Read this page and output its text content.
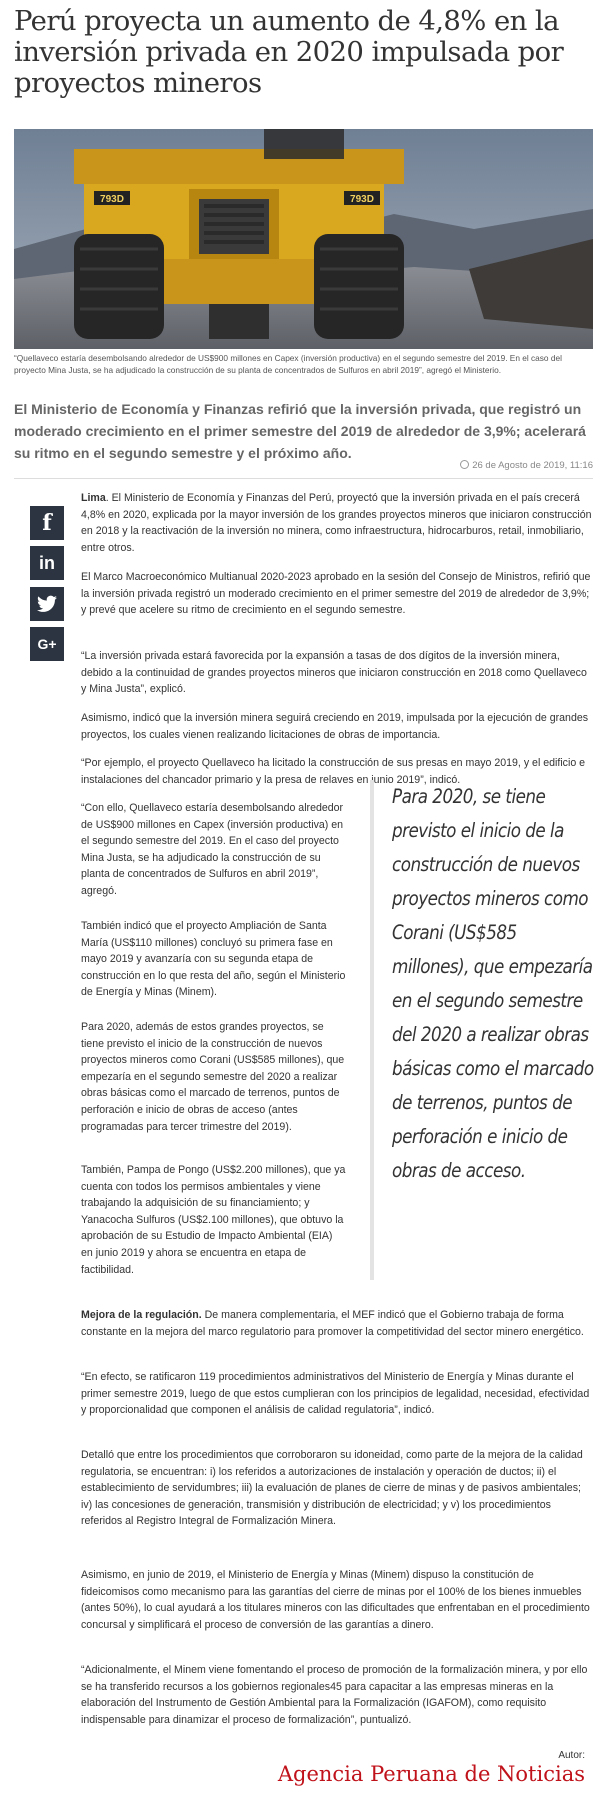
Perú proyecta un aumento de 4,8% en la inversión privada en 2020 impulsada por proyectos mineros
793D	793D

“Quellaveco estaría desembolsando alrededor de US$900 millones en Capex (inversión productiva) en el segundo semestre del 2019. En el caso del proyecto Mina Justa, se ha adjudicado la construcción de su planta de concentrados de Sulfuros en abril 2019”, agregó el Ministerio.

El Ministerio de Economía y Finanzas refirió que la inversión privada, que registró un moderado crecimiento en el primer semestre del 2019 de alrededor de 3,9%; acelerará su ritmo en el segundo semestre y el próximo año.

26 de Agosto de 2019, 11:16
f
in
G+

Lima. El Ministerio de Economía y Finanzas del Perú, proyectó que la inversión privada en el país crecerá 4,8% en 2020, explicada por la mayor inversión de los grandes proyectos mineros que iniciaron construcción en 2018 y la reactivación de la inversión no minera, como infraestructura, hidrocarburos, retail, inmobiliario, entre otros.

El Marco Macroeconómico Multianual 2020-2023 aprobado en la sesión del Consejo de Ministros, refirió que la inversión privada registró un moderado crecimiento en el primer semestre del 2019 de alrededor de 3,9%; y prevé que acelere su ritmo de crecimiento en el segundo semestre.

“La inversión privada estará favorecida por la expansión a tasas de dos dígitos de la inversión minera, debido a la continuidad de grandes proyectos mineros que iniciaron construcción en 2018 como Quellaveco y Mina Justa”, explicó.

Asimismo, indicó que la inversión minera seguirá creciendo en 2019, impulsada por la ejecución de grandes proyectos, los cuales vienen realizando licitaciones de obras de importancia.

“Por ejemplo, el proyecto Quellaveco ha licitado la construcción de sus presas en mayo 2019, y el edificio e instalaciones del chancador primario y la presa de relaves en junio 2019”, indicó.

“Con ello, Quellaveco estaría desembolsando alrededor de US$900 millones en Capex (inversión productiva) en el segundo semestre del 2019. En el caso del proyecto Mina Justa, se ha adjudicado la construcción de su planta de concentrados de Sulfuros en abril 2019”, agregó.

También indicó que el proyecto Ampliación de Santa María (US$110 millones) concluyó su primera fase en mayo 2019 y avanzaría con su segunda etapa de construcción en lo que resta del año, según el Ministerio de Energía y Minas (Minem).

Para 2020, además de estos grandes proyectos, se tiene previsto el inicio de la construcción de nuevos proyectos mineros como Corani (US$585 millones), que empezaría en el segundo semestre del 2020 a realizar obras básicas como el marcado de terrenos, puntos de perforación e inicio de obras de acceso (antes programadas para tercer trimestre del 2019).

También, Pampa de Pongo (US$2.200 millones), que ya cuenta con todos los permisos ambientales y viene trabajando la adquisición de su financiamiento; y Yanacocha Sulfuros (US$2.100 millones), que obtuvo la aprobación de su Estudio de Impacto Ambiental (EIA) en junio 2019 y ahora se encuentra en etapa de factibilidad.

Para 2020, se tiene previsto el inicio de la construcción de nuevos proyectos mineros como Corani (US$585 millones), que empezaría en el segundo semestre del 2020 a realizar obras básicas como el marcado de terrenos, puntos de perforación e inicio de obras de acceso.

Mejora de la regulación. De manera complementaria, el MEF indicó que el Gobierno trabaja de forma constante en la mejora del marco regulatorio para promover la competitividad del sector minero energético.

“En efecto, se ratificaron 119 procedimientos administrativos del Ministerio de Energía y Minas durante el primer semestre 2019, luego de que estos cumplieran con los principios de legalidad, necesidad, efectividad y proporcionalidad que componen el análisis de calidad regulatoria”, indicó.

Detalló que entre los procedimientos que corroboraron su idoneidad, como parte de la mejora de la calidad regulatoria, se encuentran: i) los referidos a autorizaciones de instalación y operación de ductos; ii) el establecimiento de servidumbres; iii) la evaluación de planes de cierre de minas y de pasivos ambientales; iv) las concesiones de generación, transmisión y distribución de electricidad; y v) los procedimientos referidos al Registro Integral de Formalización Minera.

Asimismo, en junio de 2019, el Ministerio de Energía y Minas (Minem) dispuso la constitución de fideicomisos como mecanismo para las garantías del cierre de minas por el 100% de los bienes inmuebles (antes 50%), lo cual ayudará a los titulares mineros con las dificultades que enfrentaban en el procedimiento concursal y simplificará el proceso de conversión de las garantías a dinero.

“Adicionalmente, el Minem viene fomentando el proceso de promoción de la formalización minera, y por ello se ha transferido recursos a los gobiernos regionales45 para capacitar a las empresas mineras en la elaboración del Instrumento de Gestión Ambiental para la Formalización (IGAFOM), como requisito indispensable para dinamizar el proceso de formalización”, puntualizó.

Autor:
Agencia Peruana de Noticias
